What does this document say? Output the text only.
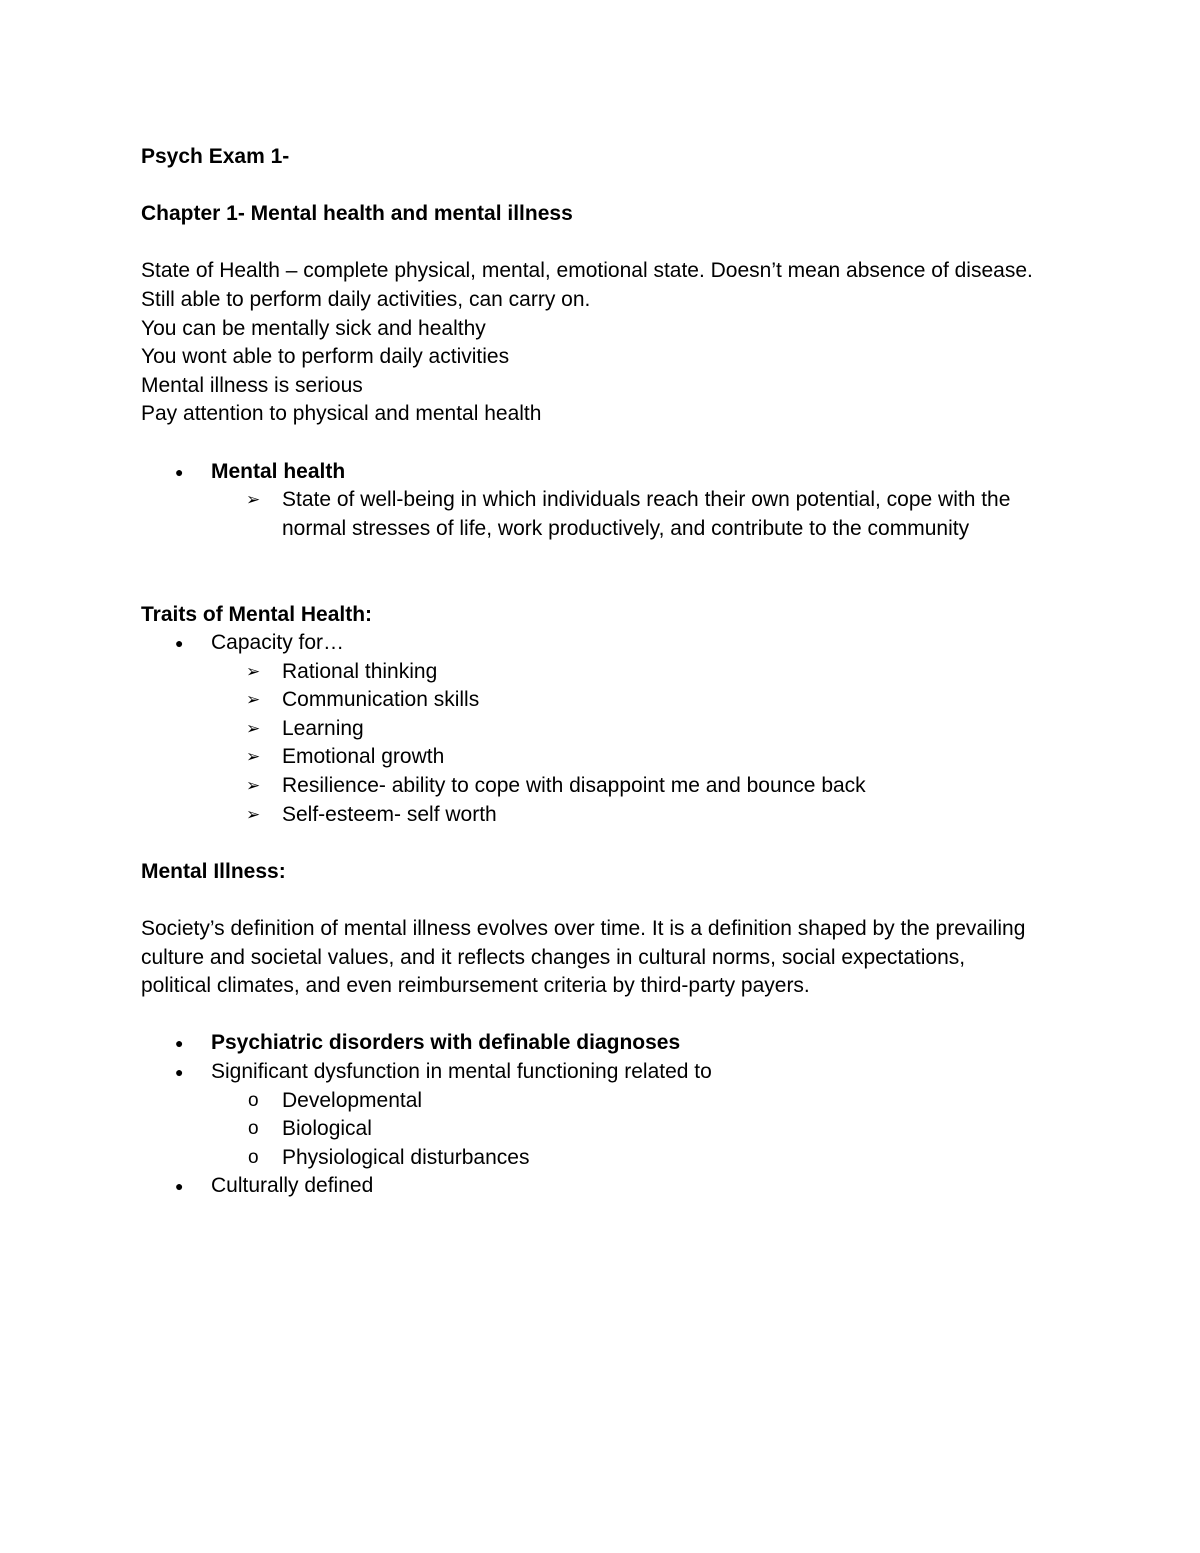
Psych Exam 1-
Chapter 1- Mental health and mental illness
State of Health – complete physical, mental, emotional state. Doesn’t mean absence of disease.
Still able to perform daily activities, can carry on.
You can be mentally sick and healthy
You wont able to perform daily activities
Mental illness is serious
Pay attention to physical and mental health
● Mental health
➢ State of well-being in which individuals reach their own potential, cope with the
normal stresses of life, work productively, and contribute to the community
Traits of Mental Health:
● Capacity for…
➢ Rational thinking
➢ Communication skills
➢ Learning
➢ Emotional growth
➢ Resilience- ability to cope with disappoint me and bounce back
➢ Self-esteem- self worth
Mental Illness:
Society’s definition of mental illness evolves over time. It is a definition shaped by the prevailing
culture and societal values, and it reflects changes in cultural norms, social expectations,
political climates, and even reimbursement criteria by third-party payers.
● Psychiatric disorders with definable diagnoses
● Significant dysfunction in mental functioning related to
o Developmental
o Biological
o Physiological disturbances
● Culturally defined
